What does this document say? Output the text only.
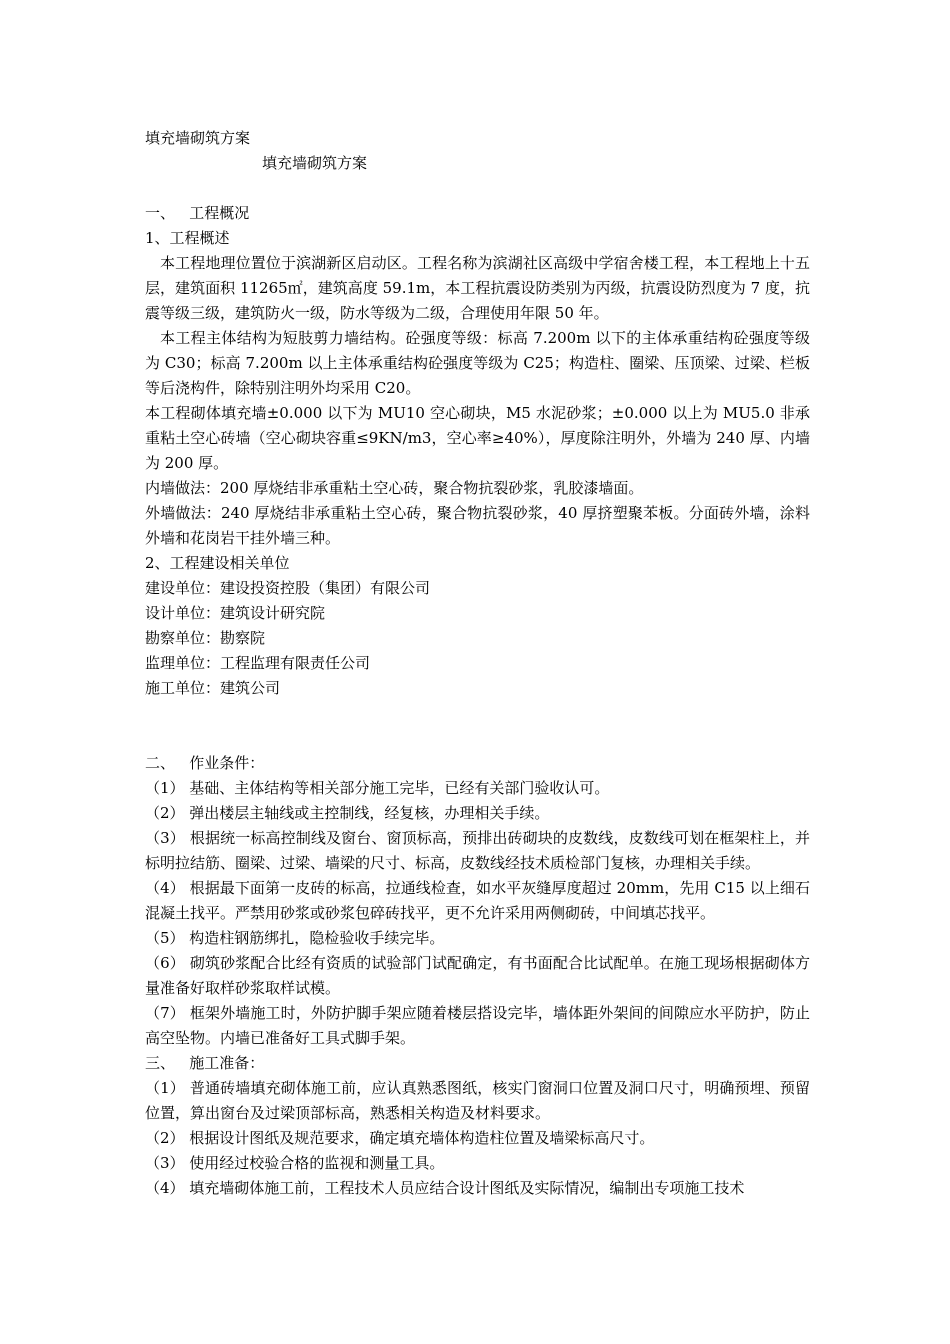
填充墙砌筑方案
填充墙砌筑方案
一、   工程概况
1、工程概述

本工程地理位置位于滨湖新区启动区。工程名称为滨湖社区高级中学宿舍楼工程，本工程地上十五层，建筑面积 11265㎡，建筑高度 59.1m，本工程抗震设防类别为丙级，抗震设防烈度为 7 度，抗震等级三级，建筑防火一级，防水等级为二级，合理使用年限 50 年。

本工程主体结构为短肢剪力墙结构。砼强度等级：标高 7.200m 以下的主体承重结构砼强度等级为 C30；标高 7.200m 以上主体承重结构砼强度等级为 C25；构造柱、圈梁、压顶梁、过梁、栏板等后浇构件，除特别注明外均采用 C20。

本工程砌体填充墙±0.000 以下为 MU10 空心砌块，M5 水泥砂浆；±0.000 以上为 MU5.0 非承重粘土空心砖墙（空心砌块容重≤9KN/m3，空心率≥40%），厚度除注明外，外墙为 240 厚、内墙为 200 厚。

内墙做法：200 厚烧结非承重粘土空心砖，聚合物抗裂砂浆，乳胶漆墙面。

外墙做法：240 厚烧结非承重粘土空心砖，聚合物抗裂砂浆，40 厚挤塑聚苯板。分面砖外墙，涂料外墙和花岗岩干挂外墙三种。

2、工程建设相关单位
建设单位：建设投资控股（集团）有限公司
设计单位：建筑设计研究院
勘察单位：勘察院
监理单位：工程监理有限责任公司
施工单位：建筑公司
二、   作业条件：

（1） 基础、主体结构等相关部分施工完毕，已经有关部门验收认可。

（2） 弹出楼层主轴线或主控制线，经复核，办理相关手续。

（3） 根据统一标高控制线及窗台、窗顶标高，预排出砖砌块的皮数线，皮数线可划在框架柱上，并标明拉结筋、圈梁、过梁、墙梁的尺寸、标高，皮数线经技术质检部门复核，办理相关手续。

（4） 根据最下面第一皮砖的标高，拉通线检查，如水平灰缝厚度超过 20mm，先用 C15 以上细石混凝土找平。严禁用砂浆或砂浆包碎砖找平，更不允许采用两侧砌砖，中间填芯找平。

（5） 构造柱钢筋绑扎，隐检验收手续完毕。

（6） 砌筑砂浆配合比经有资质的试验部门试配确定，有书面配合比试配单。在施工现场根据砌体方量准备好取样砂浆取样试模。

（7） 框架外墙施工时，外防护脚手架应随着楼层搭设完毕，墙体距外架间的间隙应水平防护，防止高空坠物。内墙已准备好工具式脚手架。

三、   施工准备：

（1） 普通砖墙填充砌体施工前，应认真熟悉图纸，核实门窗洞口位置及洞口尺寸，明确预埋、预留位置，算出窗台及过梁顶部标高，熟悉相关构造及材料要求。

（2） 根据设计图纸及规范要求，确定填充墙体构造柱位置及墙梁标高尺寸。

（3） 使用经过校验合格的监视和测量工具。

（4） 填充墙砌体施工前，工程技术人员应结合设计图纸及实际情况，编制出专项施工技术
